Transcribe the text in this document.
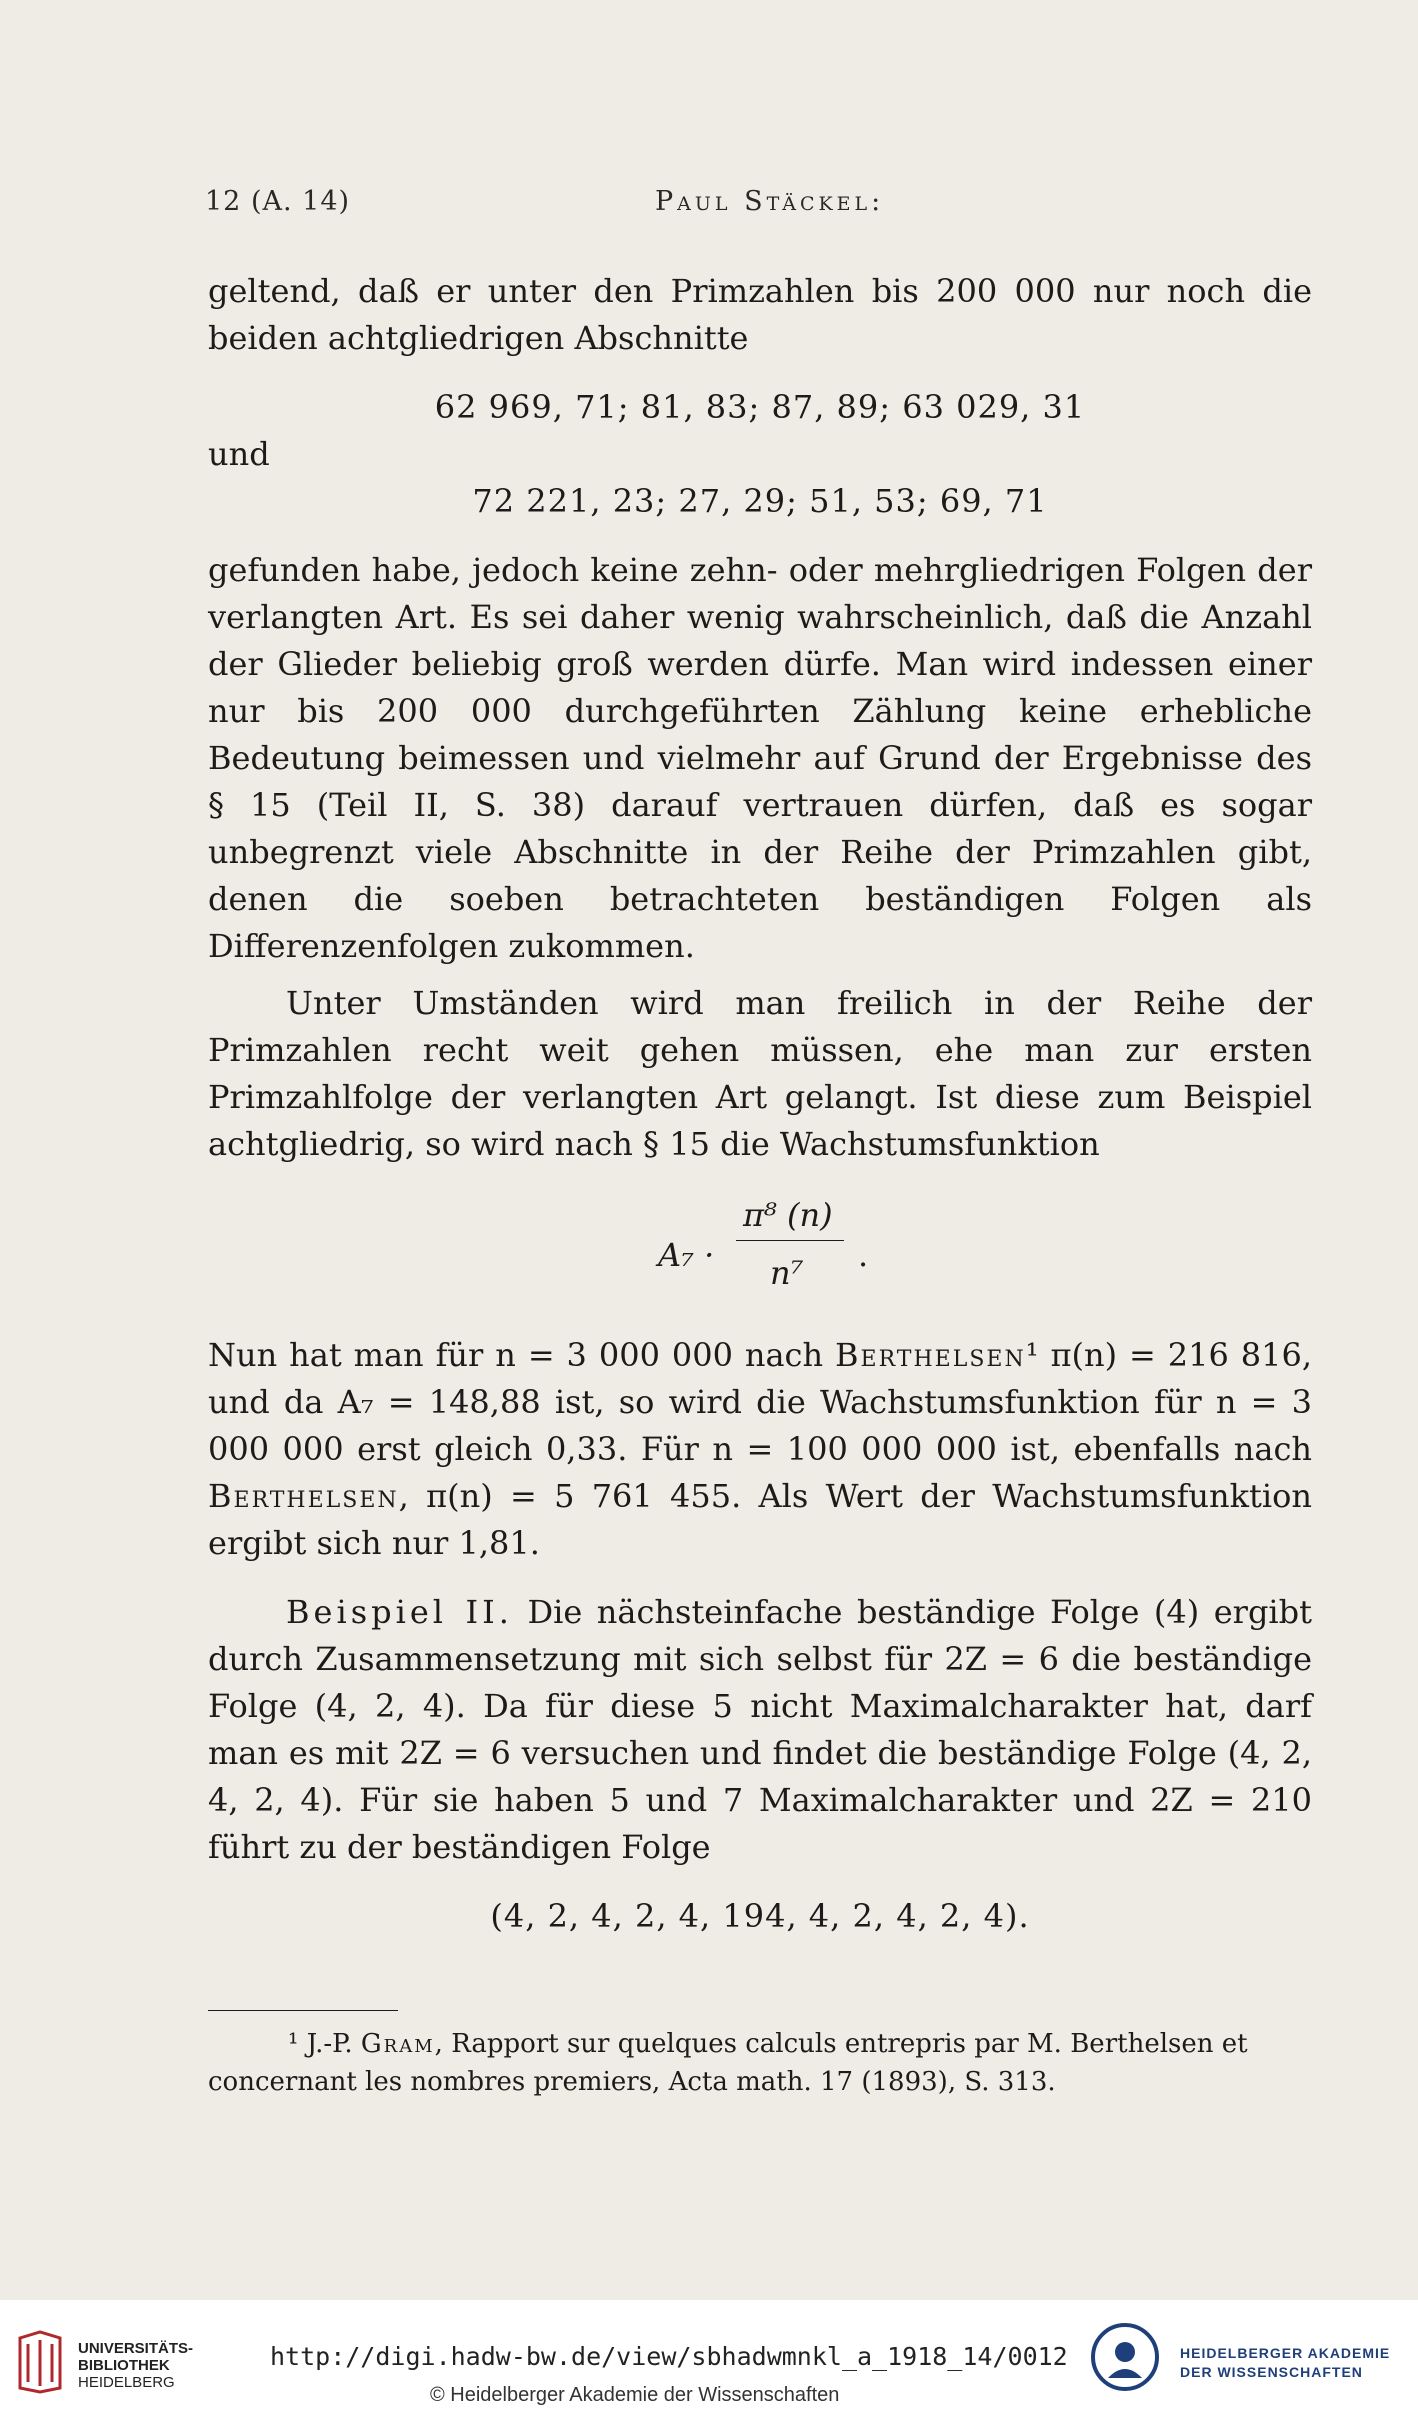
12 (A. 14)	Paul Stäckel:

geltend, daß er unter den Primzahlen bis 200 000 nur noch die beiden achtgliedrigen Abschnitte

62 969, 71; 81, 83; 87, 89; 63 029, 31

und

72 221, 23; 27, 29; 51, 53; 69, 71

gefunden habe, jedoch keine zehn- oder mehrgliedrigen Folgen der verlangten Art. Es sei daher wenig wahrscheinlich, daß die Anzahl der Glieder beliebig groß werden dürfe. Man wird indessen einer nur bis 200 000 durchgeführten Zählung keine erhebliche Bedeutung beimessen und vielmehr auf Grund der Ergebnisse des § 15 (Teil II, S. 38) darauf vertrauen dürfen, daß es sogar unbegrenzt viele Abschnitte in der Reihe der Primzahlen gibt, denen die soeben betrachteten beständigen Folgen als Differenzenfolgen zukommen.

Unter Umständen wird man freilich in der Reihe der Primzahlen recht weit gehen müssen, ehe man zur ersten Primzahlfolge der verlangten Art gelangt. Ist diese zum Beispiel achtgliedrig, so wird nach § 15 die Wachstumsfunktion

A₇ ·
π⁸ (n)
n⁷ .

Nun hat man für n = 3 000 000 nach Berthelsen¹ π(n) = 216 816, und da A₇ = 148,88 ist, so wird die Wachstumsfunktion für n = 3 000 000 erst gleich 0,33. Für n = 100 000 000 ist, ebenfalls nach Berthelsen, π(n) = 5 761 455. Als Wert der Wachstumsfunktion ergibt sich nur 1,81.

Beispiel II. Die nächsteinfache beständige Folge (4) ergibt durch Zusammensetzung mit sich selbst für 2Z = 6 die beständige Folge (4, 2, 4). Da für diese 5 nicht Maximalcharakter hat, darf man es mit 2Z = 6 versuchen und findet die beständige Folge (4, 2, 4, 2, 4). Für sie haben 5 und 7 Maximalcharakter und 2Z = 210 führt zu der beständigen Folge

(4, 2, 4, 2, 4, 194, 4, 2, 4, 2, 4).

¹ J.-P. Gram, Rapport sur quelques calculs entrepris par M. Berthelsen et concernant les nombres premiers, Acta math. 17 (1893), S. 313.

UNIVERSITÄTS-
BIBLIOTHEK
HEIDELBERG
http://digi.hadw-bw.de/view/sbhadwmnkl_a_1918_14/0012
© Heidelberger Akademie der Wissenschaften
HEIDELBERGER AKADEMIE
DER WISSENSCHAFTEN
